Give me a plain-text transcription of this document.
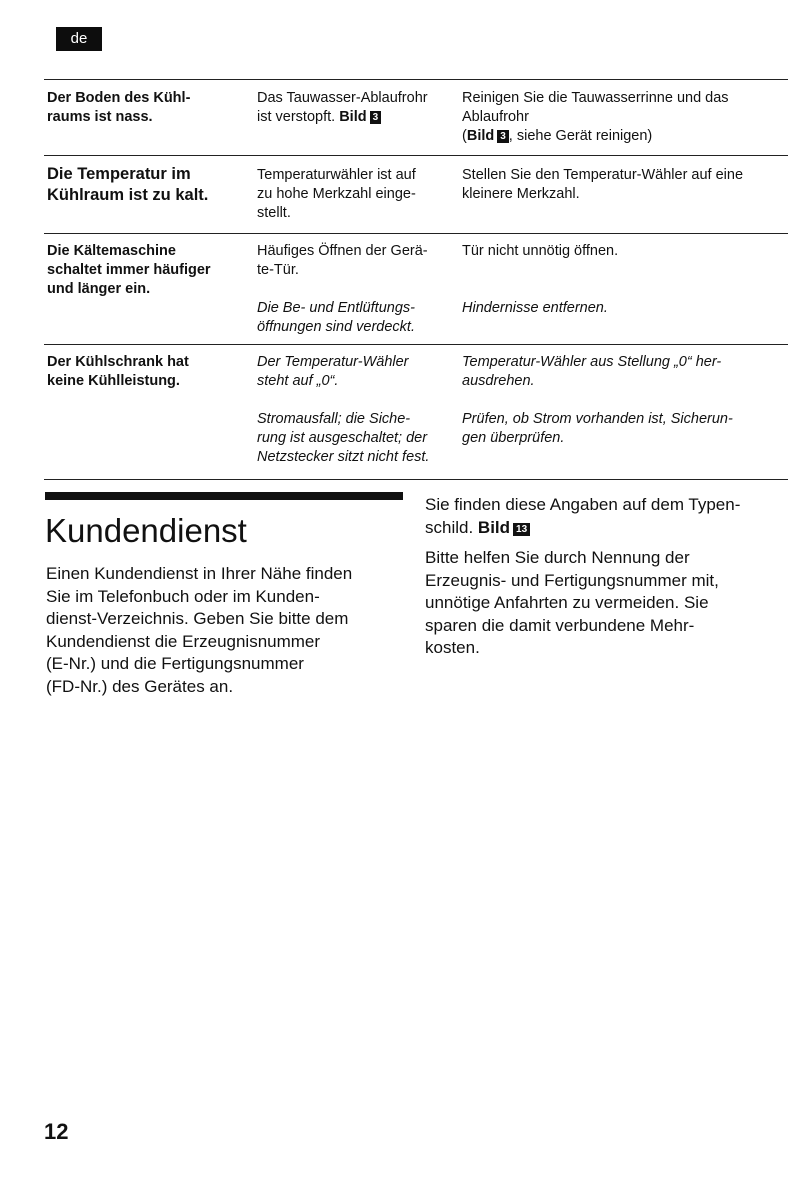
de
Der Boden des Kühl-
raums ist nass.
Das Tauwasser-Ablaufrohr
ist verstopft. Bild 3
Reinigen Sie die Tauwasserrinne und das
Ablaufrohr
(Bild 3 , siehe Gerät reinigen)
Die Temperatur im
Kühlraum ist zu kalt.
Temperaturwähler ist auf
zu hohe Merkzahl einge-
stellt.
Stellen Sie den Temperatur-Wähler auf eine
kleinere Merkzahl.
Die Kältemaschine
schaltet immer häufiger
und länger ein.
Häufiges Öffnen der Gerä-
te-Tür.
Tür nicht unnötig öffnen.
Die Be- und Entlüftungs-
öffnungen sind verdeckt.
Hindernisse entfernen.
Der Kühlschrank hat
keine Kühlleistung.
Der Temperatur-Wähler
steht auf „0“.
Temperatur-Wähler aus Stellung „0“ her-
ausdrehen.
Stromausfall; die Siche-
rung ist ausgeschaltet; der
Netzstecker sitzt nicht fest.
Prüfen, ob Strom vorhanden ist, Sicherun-
gen überprüfen.
Kundendienst
Einen Kundendienst in Ihrer Nähe finden
Sie im Telefonbuch oder im Kunden-
dienst-Verzeichnis. Geben Sie bitte dem
Kundendienst die Erzeugnisnummer
(E-Nr.) und die Fertigungsnummer
(FD-Nr.) des Gerätes an.
Sie finden diese Angaben auf dem Typen-
schild. Bild 13
Bitte helfen Sie durch Nennung der
Erzeugnis- und Fertigungsnummer mit,
unnötige Anfahrten zu vermeiden. Sie
sparen die damit verbundene Mehr-
kosten.
12
